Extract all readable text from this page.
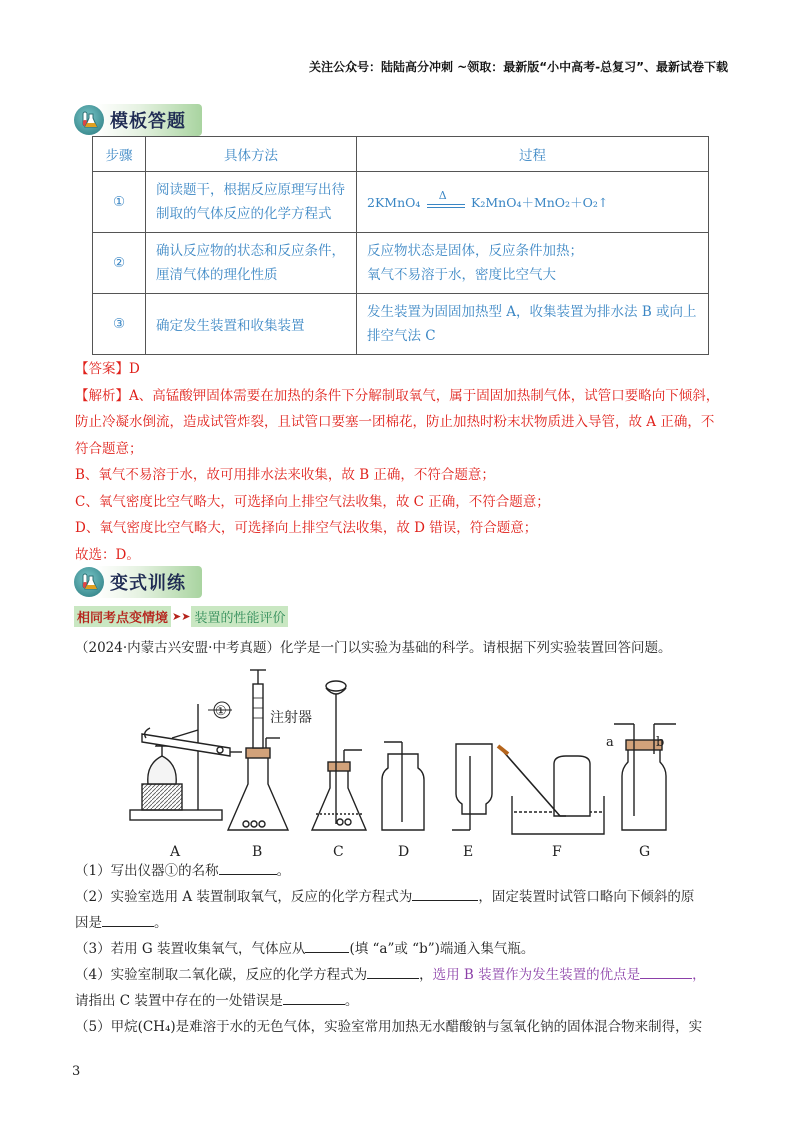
关注公众号：陆陆高分冲刺 ~领取：最新版“小中高考-总复习”、最新试卷下载
模板答题
步骤	具体方法	过程
①	阅读题干，根据反应原理写出待制取的气体反应的化学方程式	2KMnO₄ Δ K₂MnO₄＋MnO₂＋O₂↑
②	确认反应物的状态和反应条件，厘清气体的理化性质	反应物状态是固体，反应条件加热；
氧气不易溶于水，密度比空气大

③	确定发生装置和收集装置	发生装置为固固加热型 A，收集装置为排水法 B 或向上排空气法 C

【答案】D

【解析】A、高锰酸钾固体需要在加热的条件下分解制取氧气，属于固固加热制气体，试管口要略向下倾斜，防止冷凝水倒流，造成试管炸裂，且试管口要塞一团棉花，防止加热时粉末状物质进入导管，故 A 正确，不符合题意；

B、氧气不易溶于水，故可用排水法来收集，故 B 正确，不符合题意；

C、氧气密度比空气略大，可选择向上排空气法收集，故 C 正确，不符合题意；

D、氧气密度比空气略大，可选择向上排空气法收集，故 D 错误，符合题意；

故选：D。

变式训练
相同考点变情境 ➤➤ 装置的性能评价
（2024·内蒙古兴安盟·中考真题）化学是一门以实验为基础的科学。请根据下列实验装置回答问题。
①	注射器
a	b
A	B	C	D	E	F	G

（1）写出仪器①的名称	。

（2）实验室选用 A 装置制取氧气，反应的化学方程式为	，固定装置时试管口略向下倾斜的原

因是	。

（3）若用 G 装置收集氧气，气体应从	(填 “a”或 “b”)端通入集气瓶。

（4）实验室制取二氧化碳，反应的化学方程式为	，选用 B 装置作为发生装置的优点是	，

请指出 C 装置中存在的一处错误是	。

（5）甲烷(CH₄)是难溶于水的无色气体，实验室常用加热无水醋酸钠与氢氧化钠的固体混合物来制得，实

3
